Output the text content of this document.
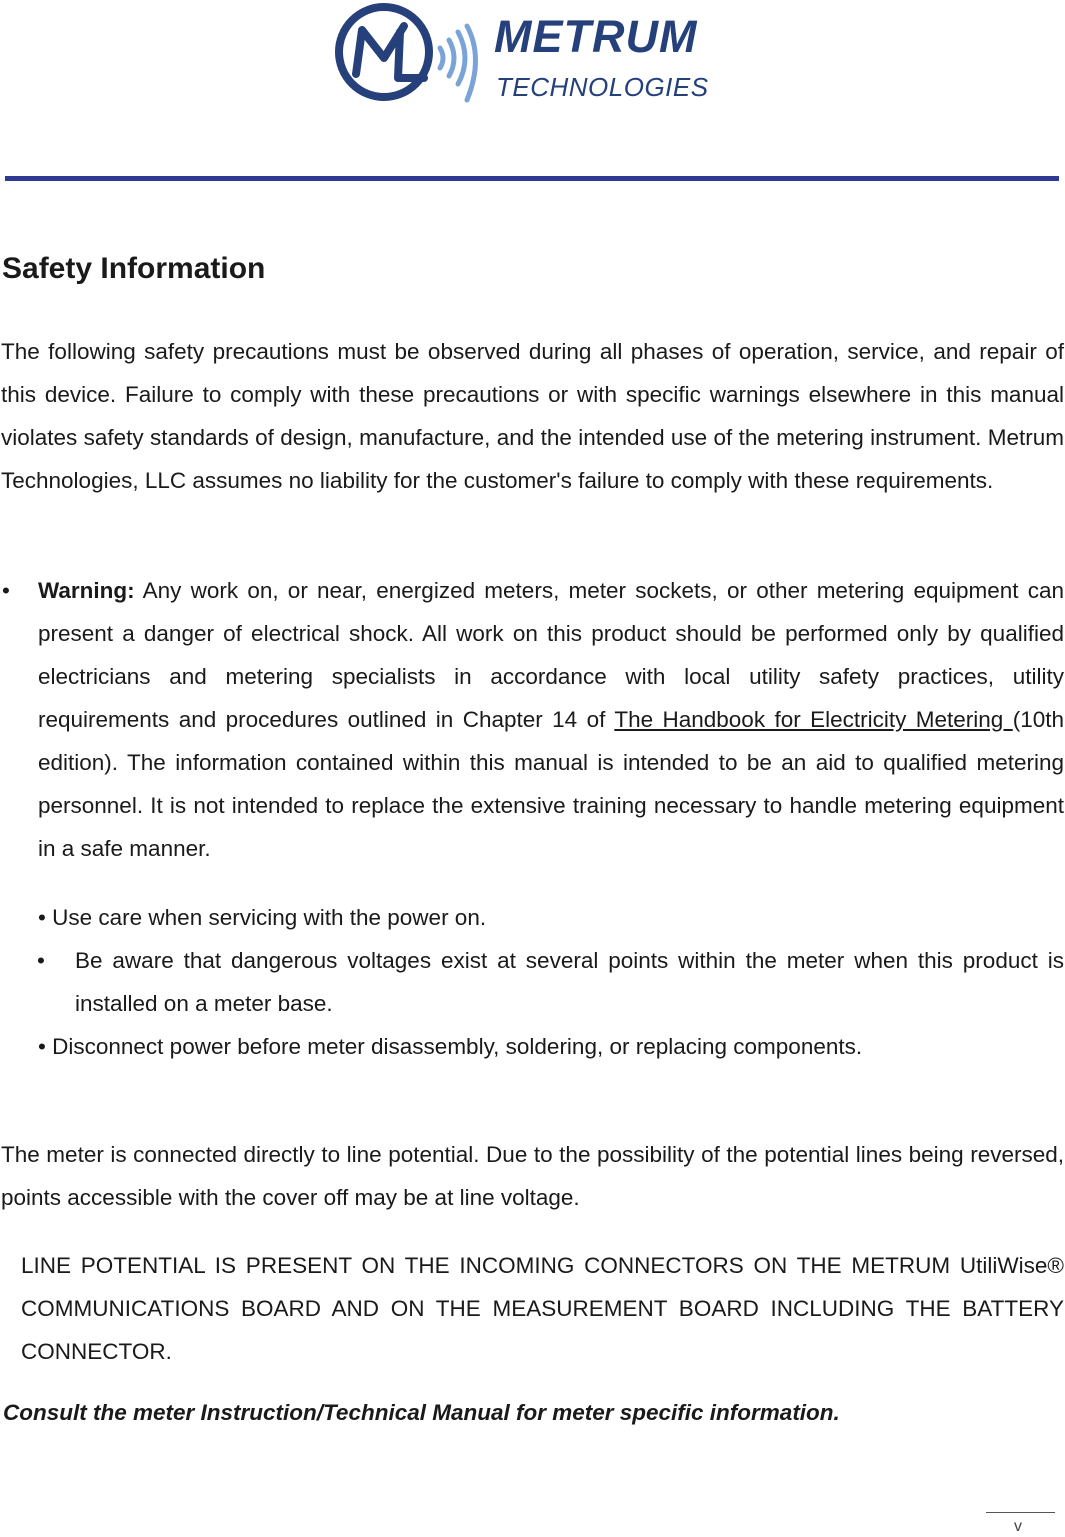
METRUM
TECHNOLOGIES
Safety Information

The following safety precautions must be observed during all phases of operation, service, and repair of this device. Failure to comply with these precautions or with specific warnings elsewhere in this manual violates safety standards of design, manufacture, and the intended use of the metering instrument. Metrum Technologies, LLC assumes no liability for the customer's failure to comply with these requirements.

• Warning: Any work on, or near, energized meters, meter sockets, or other metering equipment can present a danger of electrical shock. All work on this product should be performed only by qualified electricians and metering specialists in accordance with local utility safety practices, utility requirements and procedures outlined in Chapter 14 of The Handbook for Electricity Metering (10th edition). The information contained within this manual is intended to be an aid to qualified metering personnel. It is not intended to replace the extensive training necessary to handle metering equipment in a safe manner.

• Use care when servicing with the power on.

• Be aware that dangerous voltages exist at several points within the meter when this product is installed on a meter base.

• Disconnect power before meter disassembly, soldering, or replacing components.

The meter is connected directly to line potential. Due to the possibility of the potential lines being reversed, points accessible with the cover off may be at line voltage.

LINE POTENTIAL IS PRESENT ON THE INCOMING CONNECTORS ON THE METRUM UtiliWise® COMMUNICATIONS BOARD AND ON THE MEASUREMENT BOARD INCLUDING THE BATTERY CONNECTOR.

Consult the meter Instruction/Technical Manual for meter specific information.

v
